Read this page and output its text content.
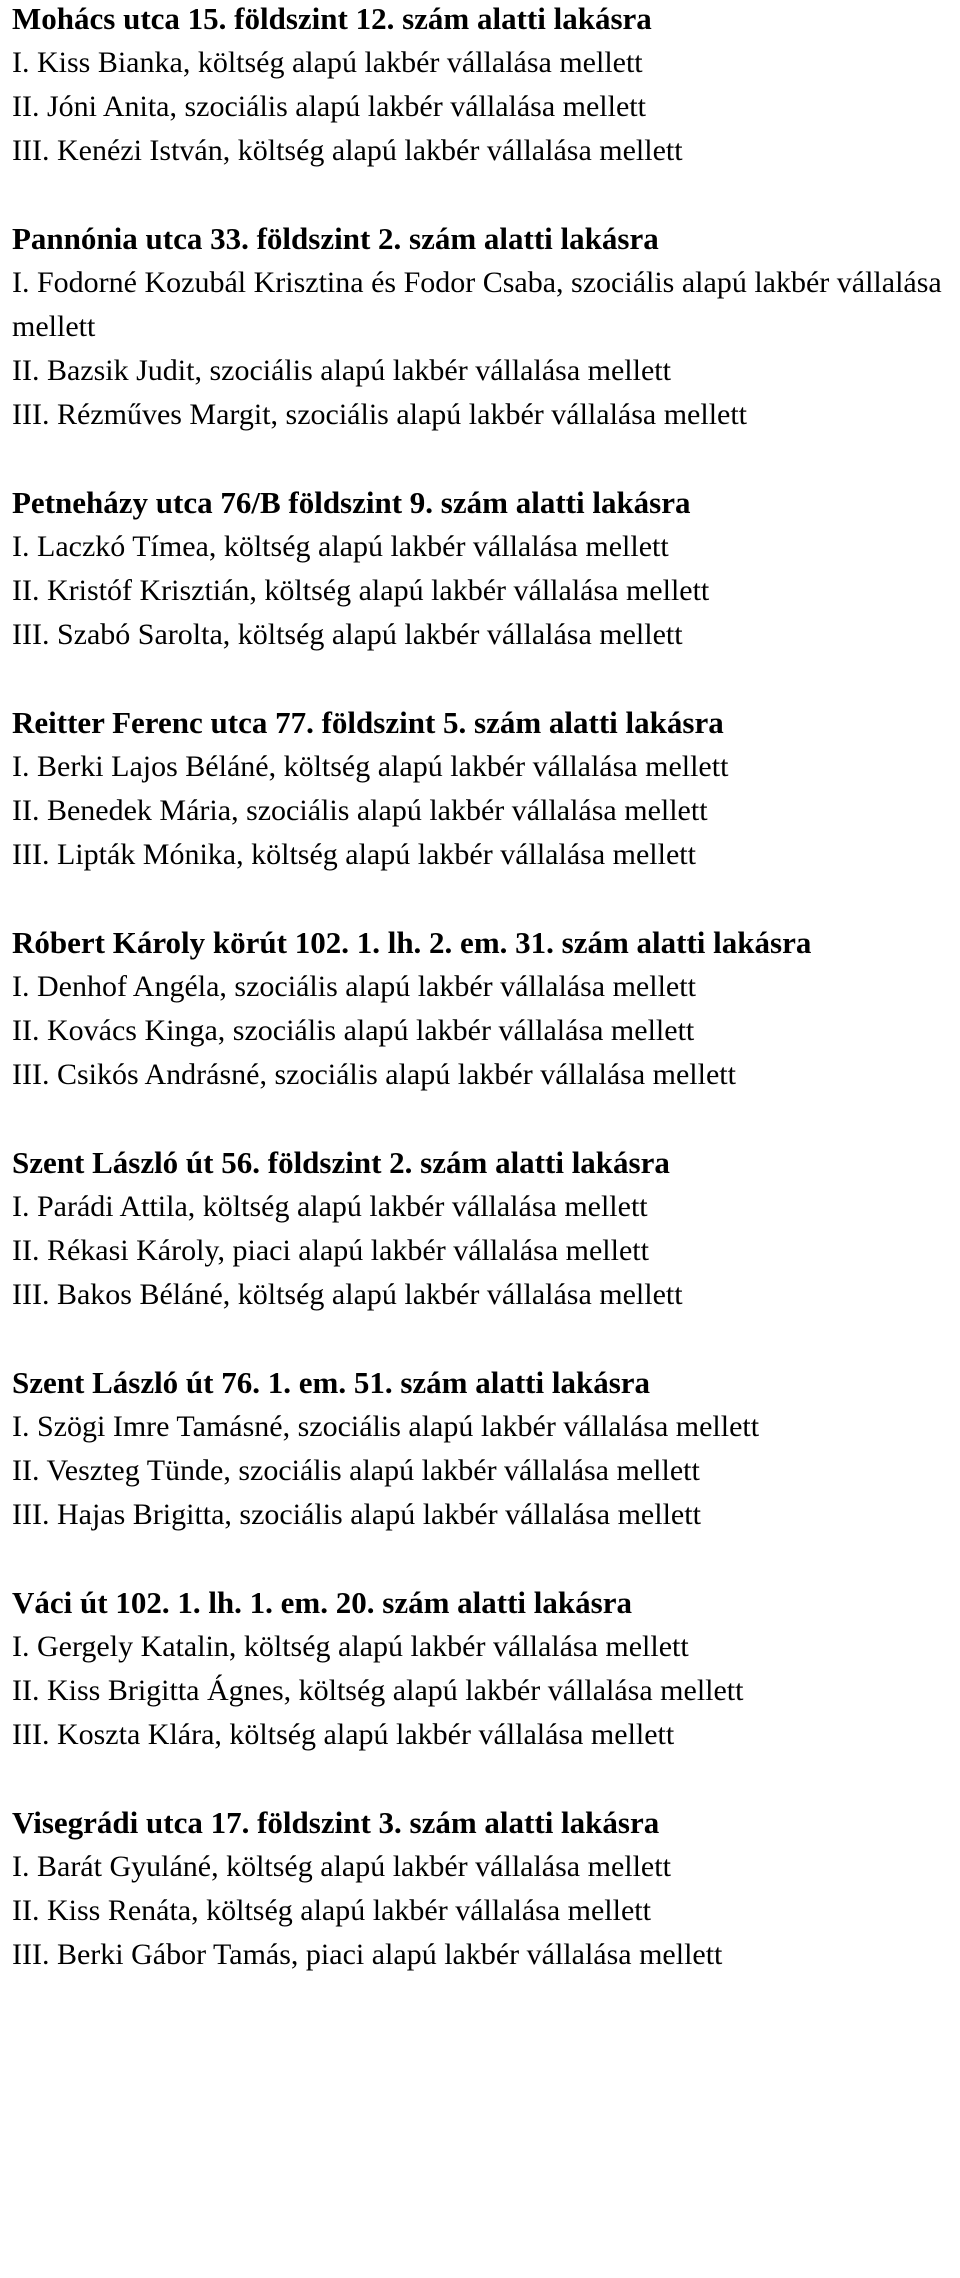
Mohács utca 15. földszint 12. szám alatti lakásra
I. Kiss Bianka, költség alapú lakbér vállalása mellett
II. Jóni Anita, szociális alapú lakbér vállalása mellett
III. Kenézi István, költség alapú lakbér vállalása mellett
Pannónia utca 33. földszint 2. szám alatti lakásra
I. Fodorné Kozubál Krisztina és Fodor Csaba, szociális alapú lakbér vállalása mellett
II. Bazsik Judit, szociális alapú lakbér vállalása mellett
III. Rézműves Margit, szociális alapú lakbér vállalása mellett
Petneházy utca 76/B földszint 9. szám alatti lakásra
I. Laczkó Tímea, költség alapú lakbér vállalása mellett
II. Kristóf Krisztián, költség alapú lakbér vállalása mellett
III. Szabó Sarolta, költség alapú lakbér vállalása mellett
Reitter Ferenc utca 77. földszint 5. szám alatti lakásra
I. Berki Lajos Béláné, költség alapú lakbér vállalása mellett
II. Benedek Mária, szociális alapú lakbér vállalása mellett
III. Lipták Mónika, költség alapú lakbér vállalása mellett
Róbert Károly körút 102. 1. lh. 2. em. 31. szám alatti lakásra
I. Denhof Angéla, szociális alapú lakbér vállalása mellett
II. Kovács Kinga, szociális alapú lakbér vállalása mellett
III. Csikós Andrásné, szociális alapú lakbér vállalása mellett
Szent László út 56. földszint 2. szám alatti lakásra
I. Parádi Attila, költség alapú lakbér vállalása mellett
II. Rékasi Károly, piaci alapú lakbér vállalása mellett
III. Bakos Béláné, költség alapú lakbér vállalása mellett
Szent László út 76. 1. em. 51. szám alatti lakásra
I. Szögi Imre Tamásné, szociális alapú lakbér vállalása mellett
II. Veszteg Tünde, szociális alapú lakbér vállalása mellett
III. Hajas Brigitta, szociális alapú lakbér vállalása mellett
Váci út 102. 1. lh. 1. em. 20. szám alatti lakásra
I. Gergely Katalin, költség alapú lakbér vállalása mellett
II. Kiss Brigitta Ágnes, költség alapú lakbér vállalása mellett
III. Koszta Klára, költség alapú lakbér vállalása mellett
Visegrádi utca 17. földszint 3. szám alatti lakásra
I. Barát Gyuláné, költség alapú lakbér vállalása mellett
II. Kiss Renáta, költség alapú lakbér vállalása mellett
III. Berki Gábor Tamás, piaci alapú lakbér vállalása mellett
